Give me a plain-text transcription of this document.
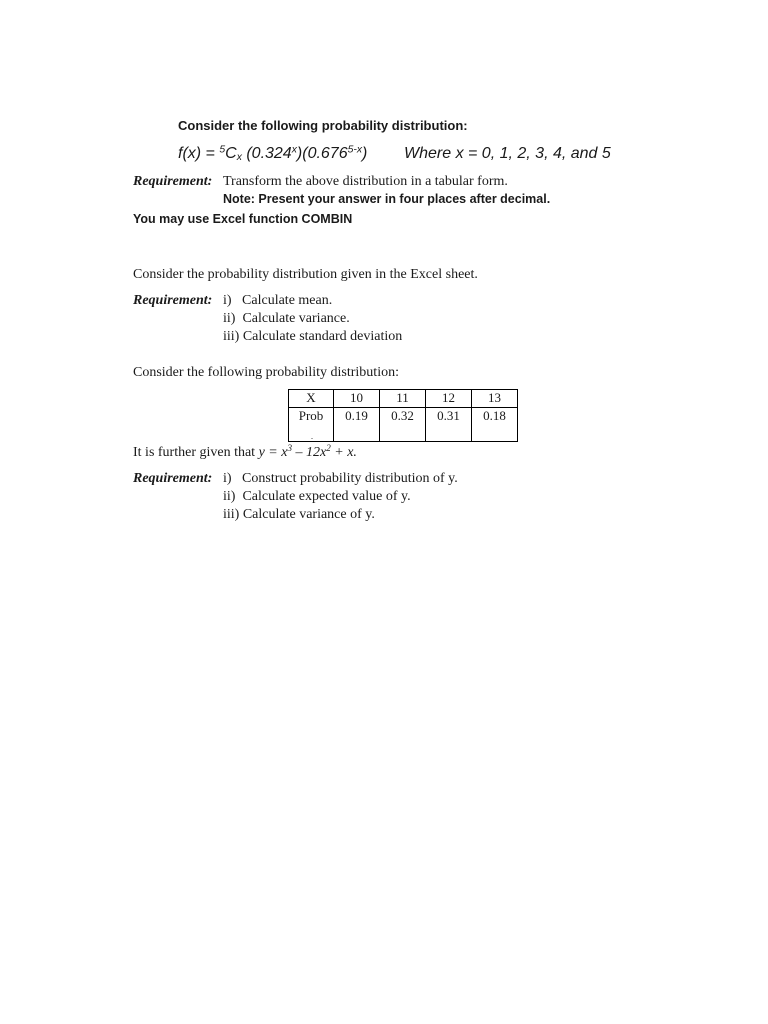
Consider the following probability distribution:
$f(x) = ^5C_x$ (0.324$^x$)(0.676$^{5-x}$) Where x = 0, 1, 2, 3, 4, and 5
Requirement: Transform the above distribution in a tabular form.
Note: Present your answer in four places after decimal.
You may use Excel function COMBIN
Consider the probability distribution given in the Excel sheet.
Requirement: i)   Calculate mean.
ii)  Calculate variance.
iii) Calculate standard deviation
Consider the following probability distribution:
X	10	11	12	13
Prob	0.19	0.32	0.31	0.18
.
It is further given that $y = x^3 - 12x^2 + x$.
Requirement: i)   Construct probability distribution of y.
ii)  Calculate expected value of y.
iii) Calculate variance of y.
